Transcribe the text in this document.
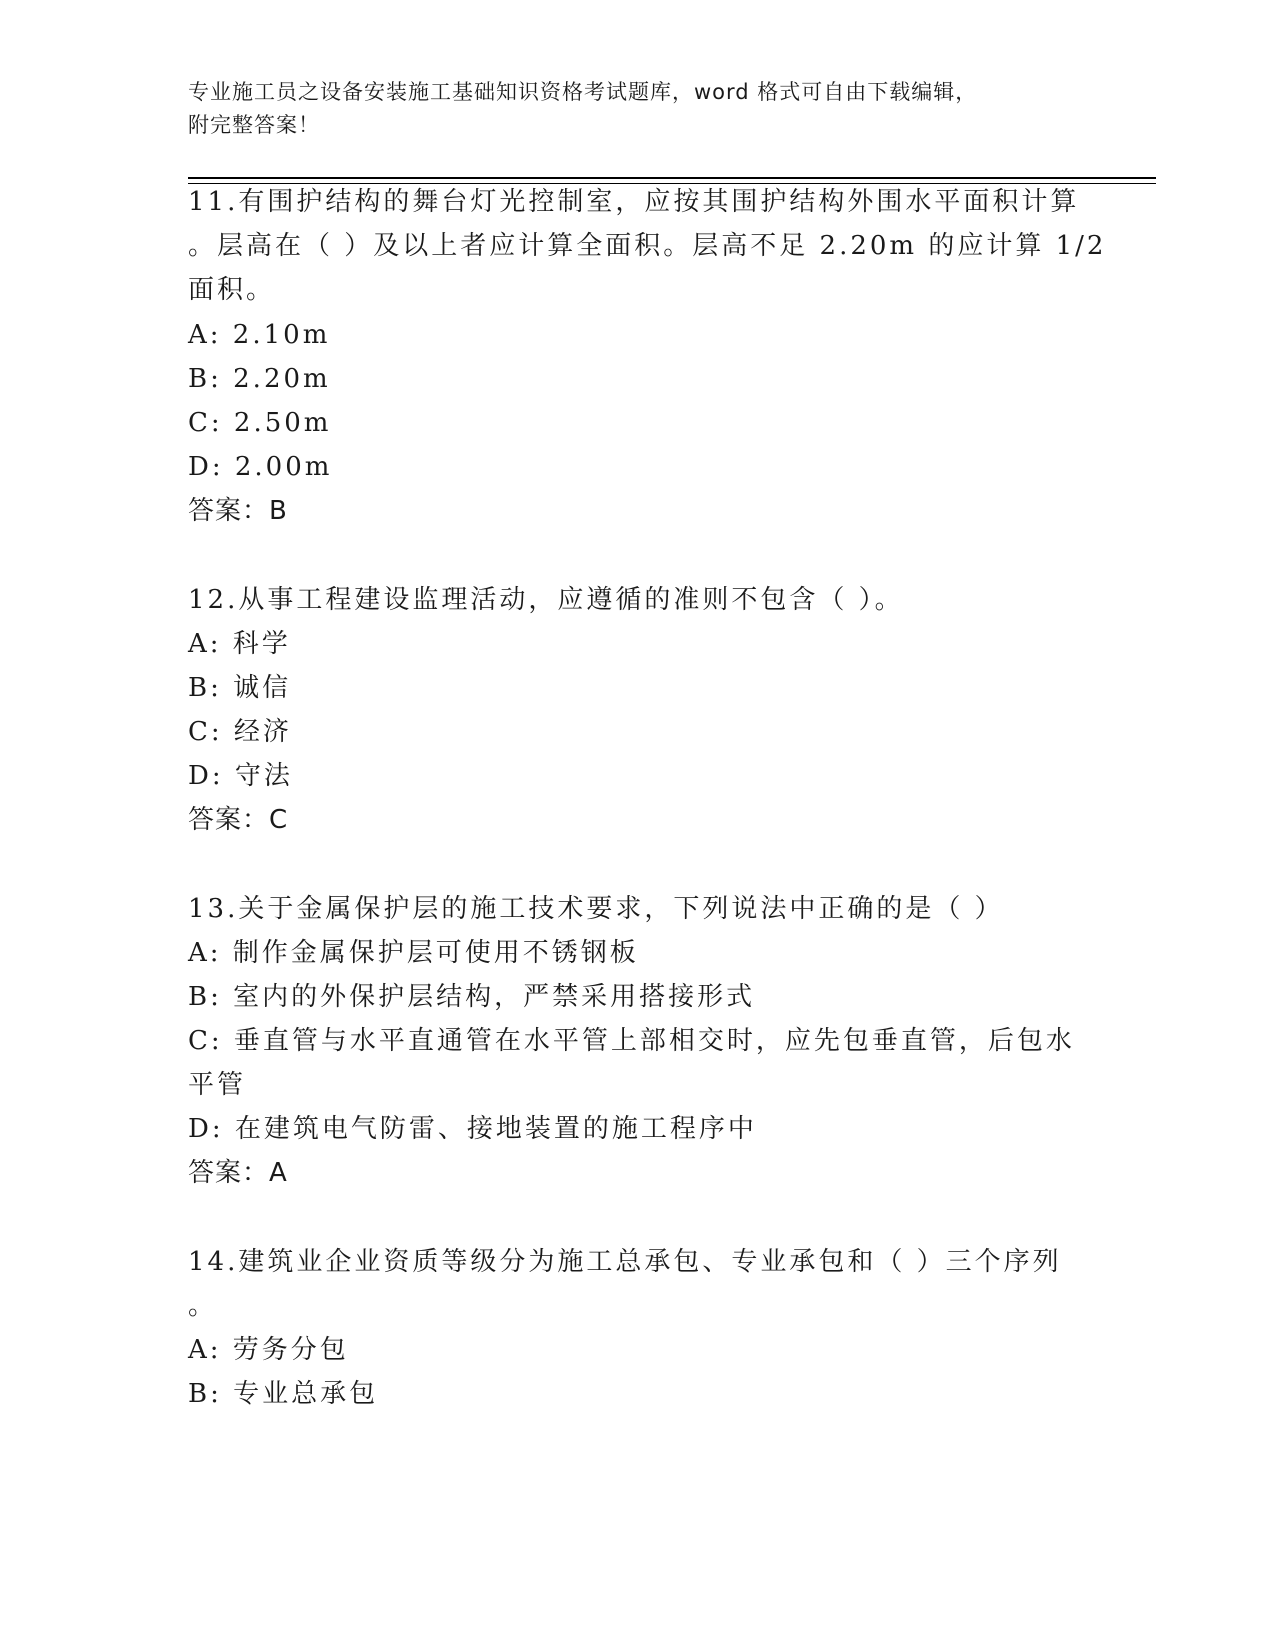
专业施工员之设备安装施工基础知识资格考试题库，word 格式可自由下载编辑，
附完整答案！
11.有围护结构的舞台灯光控制室，应按其围护结构外围水平面积计算
。层高在（ ）及以上者应计算全面积。层高不足 2.20m 的应计算 1/2
面积。
A: 2.10m
B: 2.20m
C: 2.50m
D: 2.00m
答案：B
12.从事工程建设监理活动，应遵循的准则不包含（ ）。
A: 科学
B: 诚信
C: 经济
D: 守法
答案：C
13.关于金属保护层的施工技术要求，下列说法中正确的是（ ）
A: 制作金属保护层可使用不锈钢板
B: 室内的外保护层结构，严禁采用搭接形式
C: 垂直管与水平直通管在水平管上部相交时，应先包垂直管，后包水
平管
D: 在建筑电气防雷、接地装置的施工程序中
答案：A
14.建筑业企业资质等级分为施工总承包、专业承包和（ ）三个序列
。
A: 劳务分包
B: 专业总承包
